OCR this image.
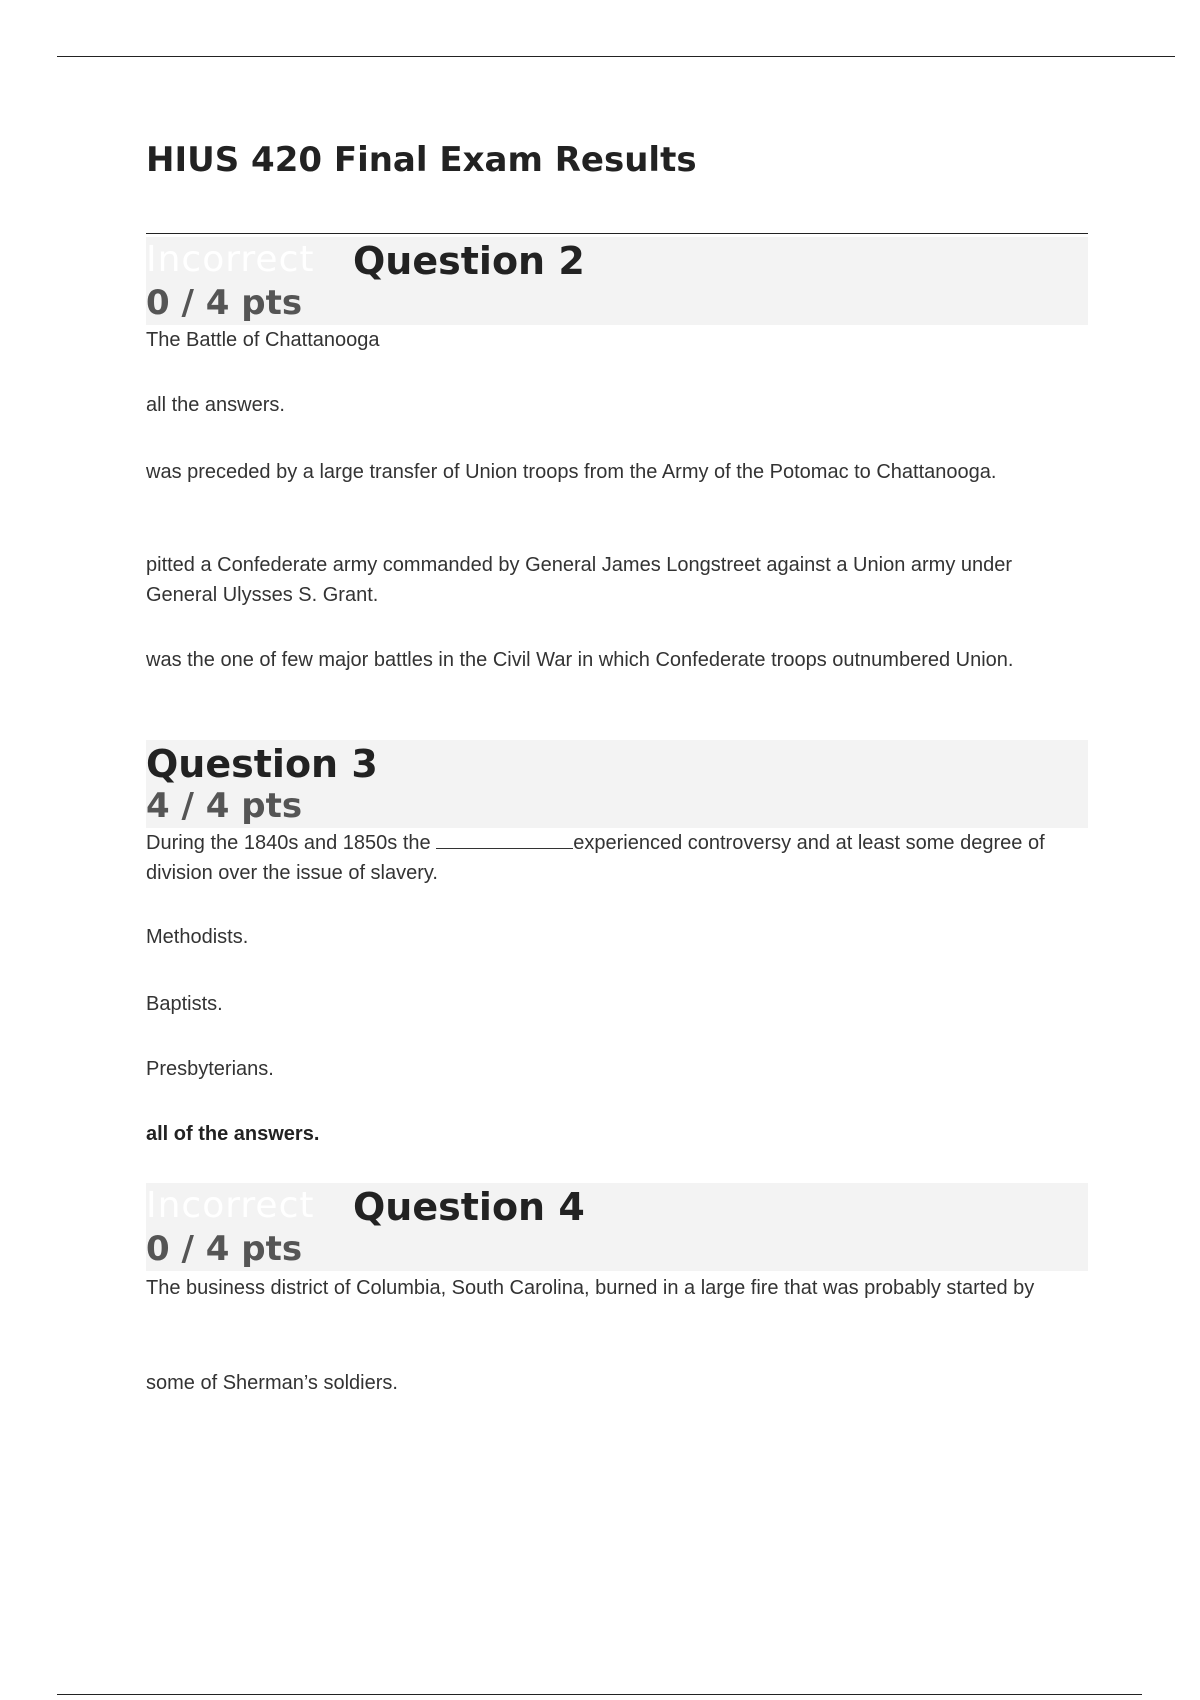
HIUS 420 Final Exam Results
Incorrect Question 2
0 / 4 pts

The Battle of Chattanooga

all the answers.

was preceded by a large transfer of Union troops from the Army of the Potomac to Chattanooga.

pitted a Confederate army commanded by General James Longstreet against a Union army under General Ulysses S. Grant.

was the one of few major battles in the Civil War in which Confederate troops outnumbered Union.

Question 3
4 / 4 pts

During the 1840s and 1850s the	experienced controversy and at least some degree of division over the issue of slavery.

Methodists.

Baptists.

Presbyterians.

all of the answers.

Incorrect Question 4
0 / 4 pts

The business district of Columbia, South Carolina, burned in a large fire that was probably started by

some of Sherman’s soldiers.
